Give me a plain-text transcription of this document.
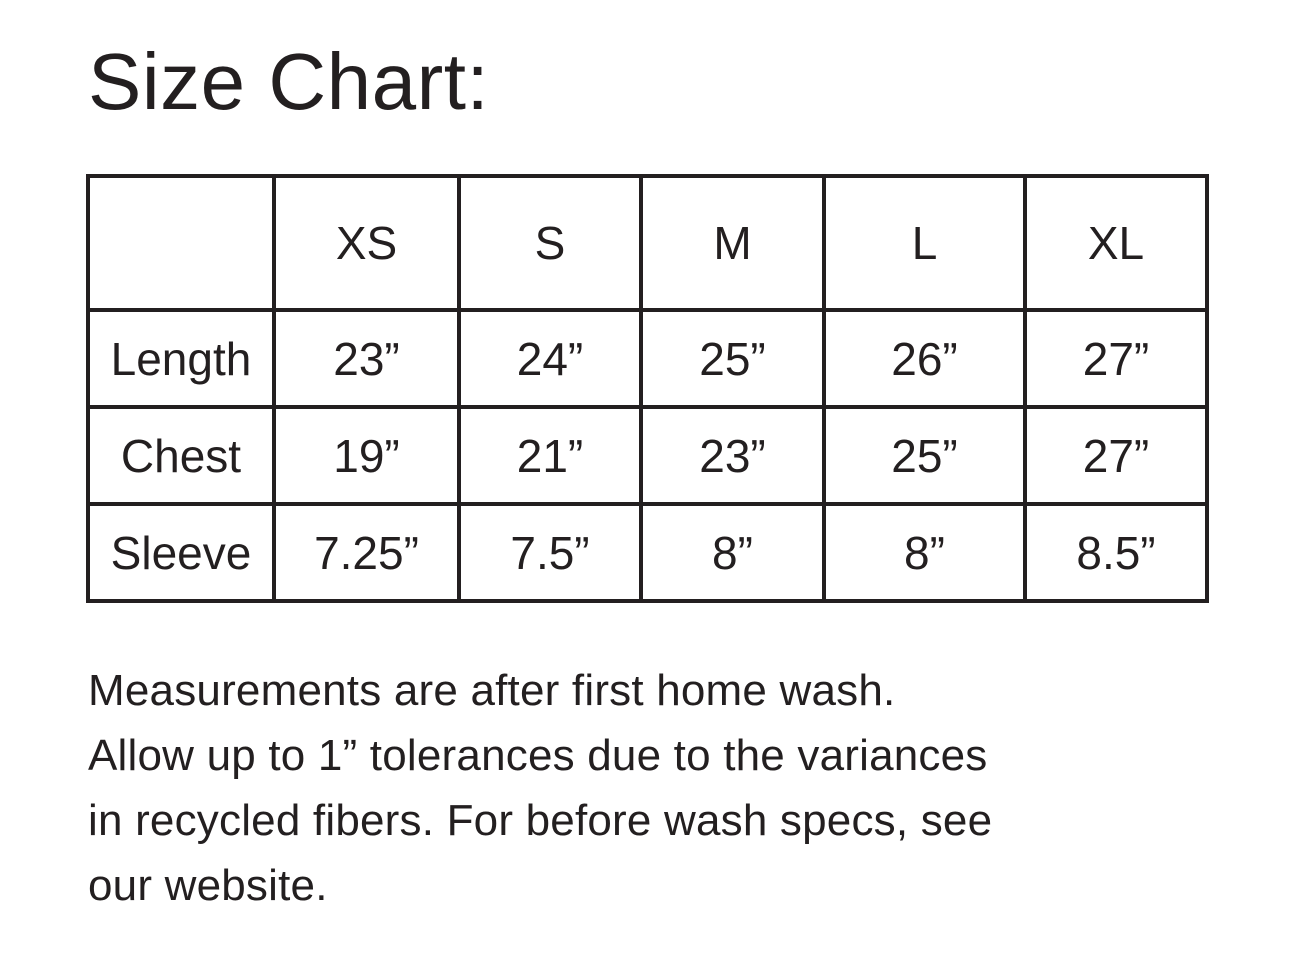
Size Chart:
	XS	S	M	L	XL
Length	23”	24”	25”	26”	27”
Chest	19”	21”	23”	25”	27”
Sleeve	7.25”	7.5”	8”	8”	8.5”
Measurements are after first home wash.
Allow up to 1” tolerances due to the variances
in recycled fibers. For before wash specs, see
our website.
